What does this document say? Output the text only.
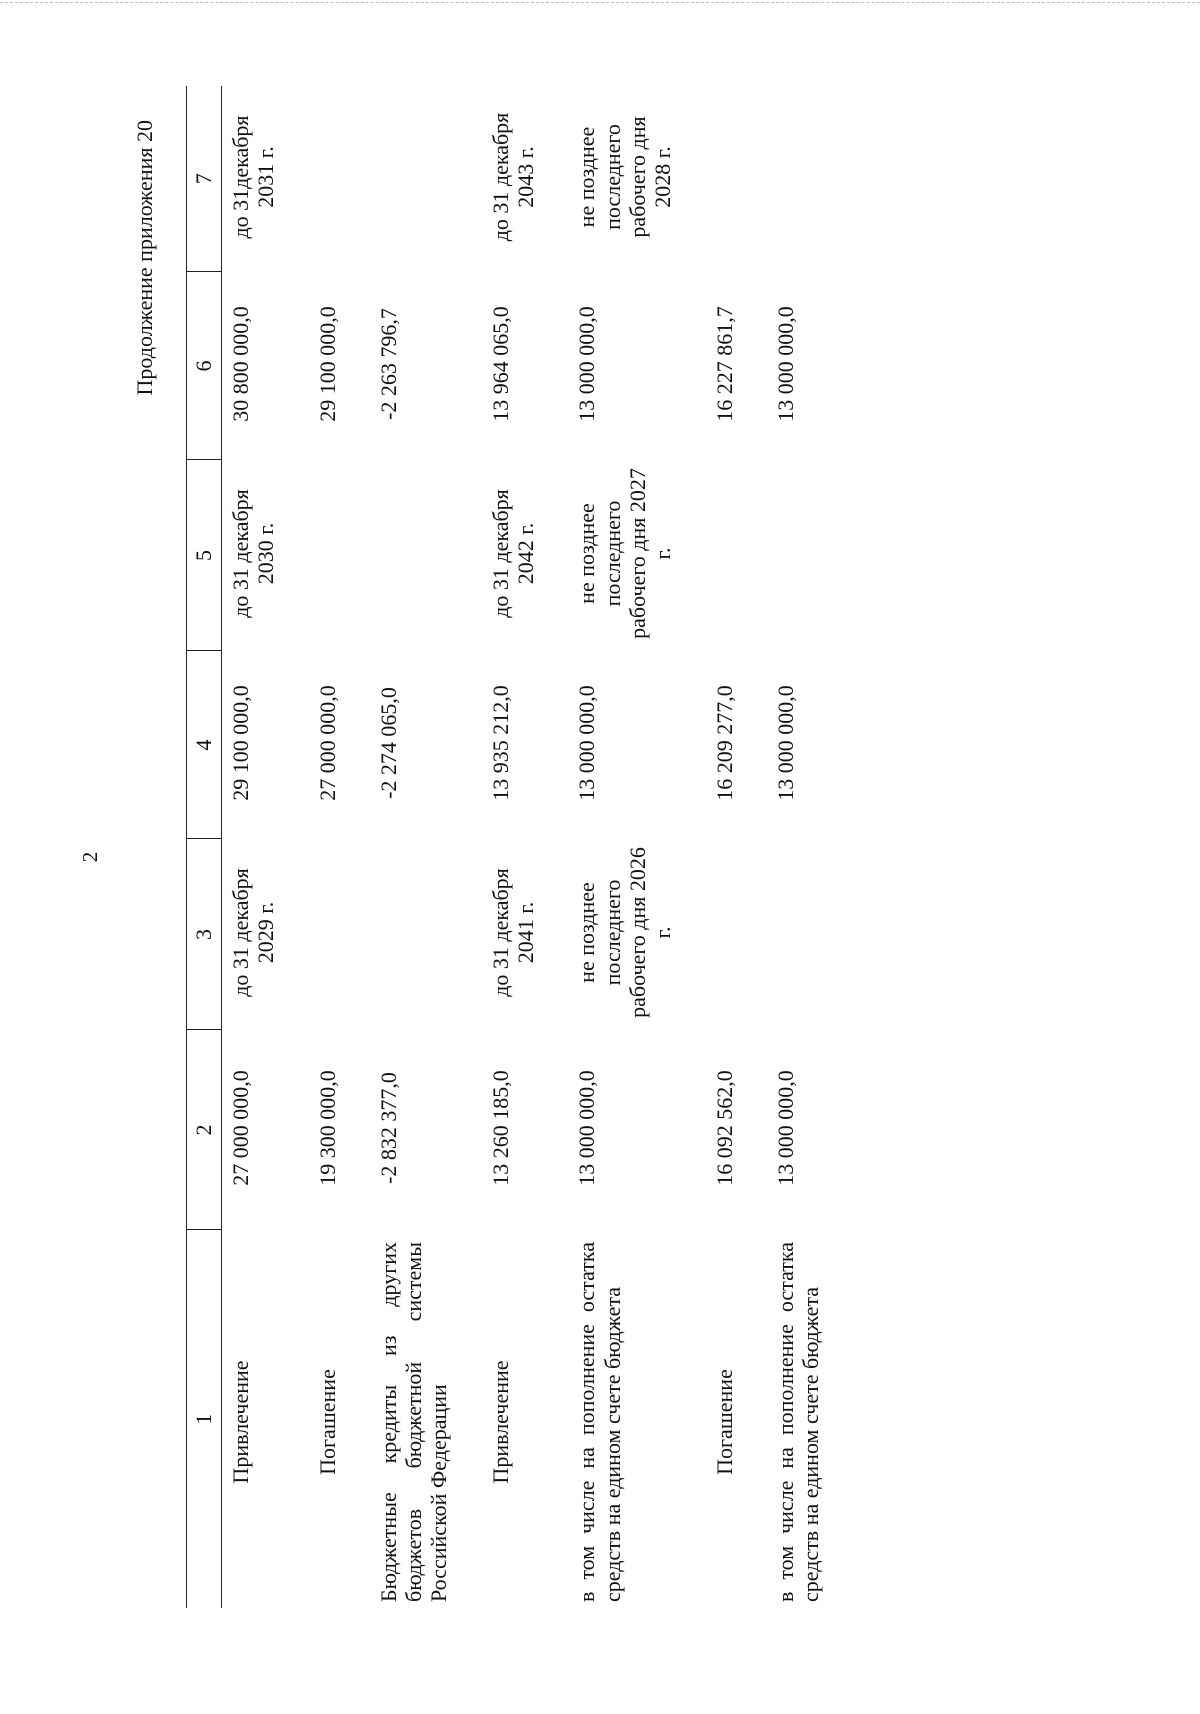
2
Продолжение приложения 20
1	2	3	4	5	6	7
Привлечение	27 000 000,0	до 31 декабря 2029 г.	29 100 000,0	до 31 декабря 2030 г.	30 800 000,0	до 31декабря 2031 г.
Погашение	19 300 000,0		27 000 000,0		29 100 000,0	
Бюджетные кредиты из других бюджетов бюджетной системы Российской Федерации	-2 832 377,0		-2 274 065,0		-2 263 796,7	
Привлечение	13 260 185,0	до 31 декабря 2041 г.	13 935 212,0	до 31 декабря 2042 г.	13 964 065,0	до 31 декабря 2043 г.
в том числе на пополнение остатка средств на едином счете бюджета	13 000 000,0	не позднее последнего рабочего дня 2026 г.	13 000 000,0	не позднее последнего рабочего дня 2027 г.	13 000 000,0	не позднее последнего рабочего дня 2028 г.
Погашение	16 092 562,0		16 209 277,0		16 227 861,7	
в том числе на пополнение остатка средств на едином счете бюджета	13 000 000,0		13 000 000,0		13 000 000,0	
